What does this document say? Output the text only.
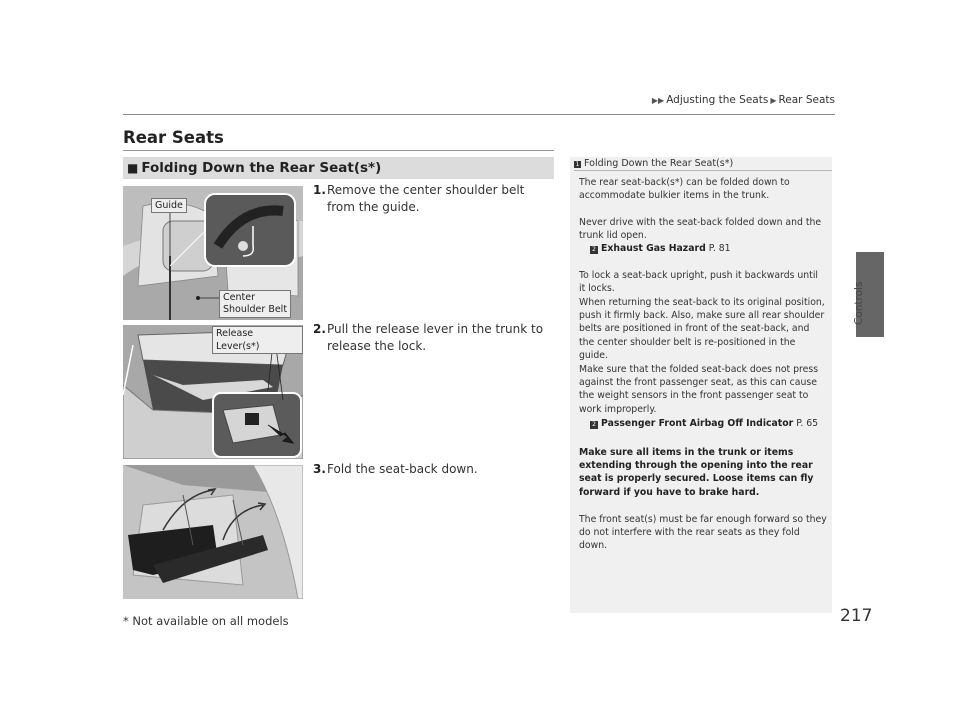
▶▶ Adjusting the Seats ▶ Rear Seats
Controls
Rear Seats
■ Folding Down the Rear Seat(s*)
Guide
Center
Shoulder Belt
Release Lever(s*)
1. Remove the center shoulder belt from the guide.
2. Pull the release lever in the trunk to release the lock.
3. Fold the seat-back down.
1 Folding Down the Rear Seat(s*)
The rear seat-back(s*) can be folded down to accommodate bulkier items in the trunk.
Never drive with the seat-back folded down and the trunk lid open.
2 Exhaust Gas Hazard P. 81
To lock a seat-back upright, push it backwards until it locks.
When returning the seat-back to its original position, push it firmly back. Also, make sure all rear shoulder belts are positioned in front of the seat-back, and the center shoulder belt is re-positioned in the guide.
Make sure that the folded seat-back does not press against the front passenger seat, as this can cause the weight sensors in the front passenger seat to work improperly.
2 Passenger Front Airbag Off Indicator P. 65
Make sure all items in the trunk or items extending through the opening into the rear seat is properly secured. Loose items can fly forward if you have to brake hard.
The front seat(s) must be far enough forward so they do not interfere with the rear seats as they fold down.
* Not available on all models	217
